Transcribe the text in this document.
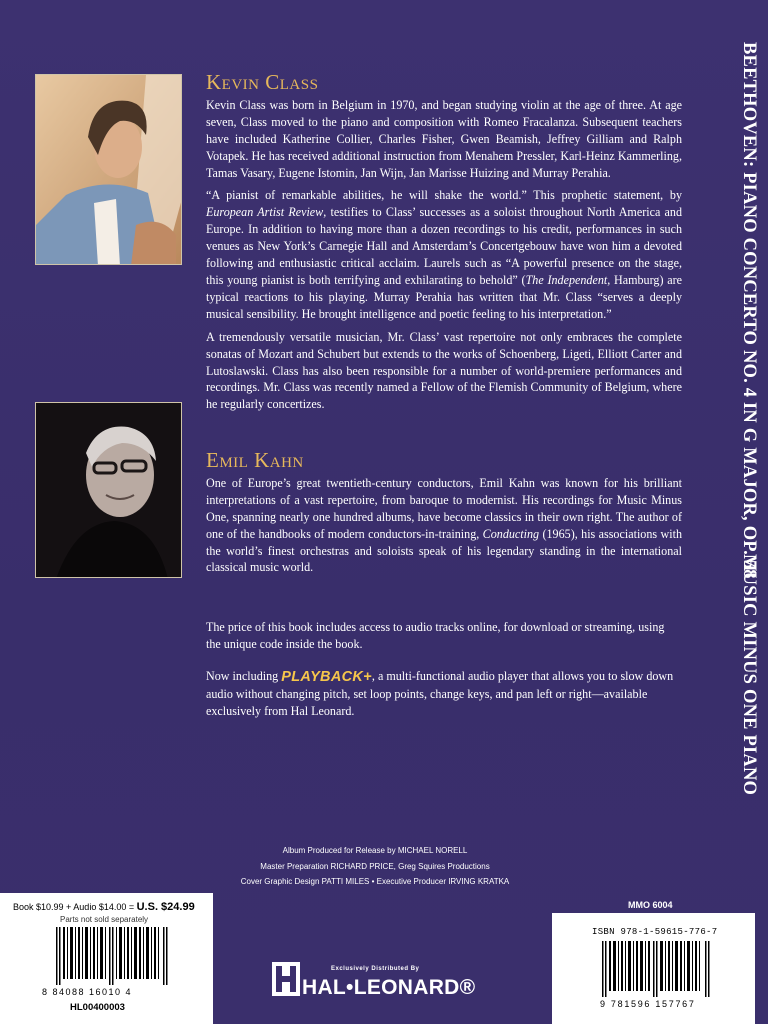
BEETHOVEN: PIANO CONCERTO NO. 4 IN G MAJOR, OP. 58
MUSIC MINUS ONE PIANO
Kevin Class

Kevin Class was born in Belgium in 1970, and began studying violin at the age of three. At age seven, Class moved to the piano and composition with Romeo Fracalanza. Subsequent teachers have included Katherine Collier, Charles Fisher, Gwen Beamish, Jeffrey Gilliam and Ralph Votapek. He has received additional instruction from Menahem Pressler, Karl-Heinz Kammerling, Tamas Vasary, Eugene Istomin, Jan Wijn, Jan Marisse Huizing and Murray Perahia.

“A pianist of remarkable abilities, he will shake the world.” This prophetic statement, by European Artist Review, testifies to Class’ successes as a soloist throughout North America and Europe. In addition to having more than a dozen recordings to his credit, performances in such venues as New York’s Carnegie Hall and Amsterdam’s Concertgebouw have won him a devoted following and enthusiastic critical acclaim. Laurels such as “A powerful presence on the stage, this young pianist is both terrifying and exhilarating to behold” (The Independent, Hamburg) are typical reactions to his playing. Murray Perahia has written that Mr. Class “serves a deeply musical sensibility. He brought intelligence and poetic feeling to his interpretation.”

A tremendously versatile musician, Mr. Class’ vast repertoire not only embraces the complete sonatas of Mozart and Schubert but extends to the works of Schoenberg, Ligeti, Elliott Carter and Lutoslawski. Class has also been responsible for a number of world-premiere performances and recordings. Mr. Class was recently named a Fellow of the Flemish Community of Belgium, where he regularly concertizes.

Emil Kahn

One of Europe’s great twentieth-century conductors, Emil Kahn was known for his brilliant interpretations of a vast repertoire, from baroque to modernist. His recordings for Music Minus One, spanning nearly one hundred albums, have become classics in their own right. The author of one of the handbooks of modern conductors-in-training, Conducting (1965), his associations with the world’s finest orchestras and soloists speak of his legendary standing in the international classical music world.

The price of this book includes access to audio tracks online, for download or streaming, using the unique code inside the book.

Now including PLAYBACK+, a multi-functional audio player that allows you to slow down audio without changing pitch, set loop points, change keys, and pan left or right—available exclusively from Hal Leonard.

Album Produced for Release by MICHAEL NORELL
Master Preparation RICHARD PRICE, Greg Squires Productions
Cover Graphic Design PATTI MILES • Executive Producer IRVING KRATKA
Book $10.99 + Audio $14.00 = U.S. $24.99
Parts not sold separately
8 84088 16010 4
HL00400003
MMO 6004
ISBN 978-1-59615-776-7
9 781596 157767
Exclusively Distributed By
HAL•LEONARD®
